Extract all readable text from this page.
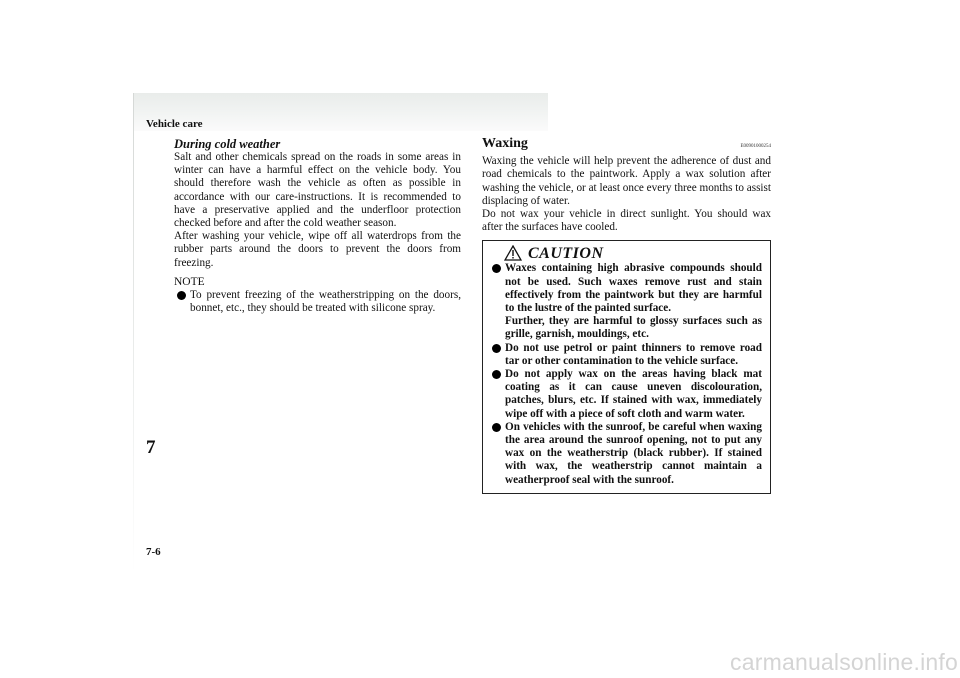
Vehicle care
7
7-6
During cold weather

Salt and other chemicals spread on the roads in some areas in winter can have a harmful effect on the vehicle body. You should therefore wash the vehicle as often as possible in accordance with our care-instructions. It is recommended to have a preservative applied and the underfloor protection checked before and after the cold weather season.

After washing your vehicle, wipe off all waterdrops from the rubber parts around the doors to prevent the doors from freezing.

NOTE
To prevent freezing of the weatherstripping on the doors, bonnet, etc., they should be treated with silicone spray.
Waxing	E00901000254

Waxing the vehicle will help prevent the adherence of dust and road chemicals to the paintwork. Apply a wax solution after washing the vehicle, or at least once every three months to assist displacing of water.

Do not wax your vehicle in direct sunlight. You should wax after the surfaces have cooled.

CAUTION
Waxes containing high abrasive compounds should not be used. Such waxes remove rust and stain effectively from the paintwork but they are harmful to the lustre of the painted surface.
Further, they are harmful to glossy surfaces such as grille, garnish, mouldings, etc.
Do not use petrol or paint thinners to remove road tar or other contamination to the vehicle surface.
Do not apply wax on the areas having black mat coating as it can cause uneven discolouration, patches, blurs, etc. If stained with wax, immediately wipe off with a piece of soft cloth and warm water.
On vehicles with the sunroof, be careful when waxing the area around the sunroof opening, not to put any wax on the weatherstrip (black rubber). If stained with wax, the weatherstrip cannot maintain a weatherproof seal with the sunroof.
carmanualsonline.info
